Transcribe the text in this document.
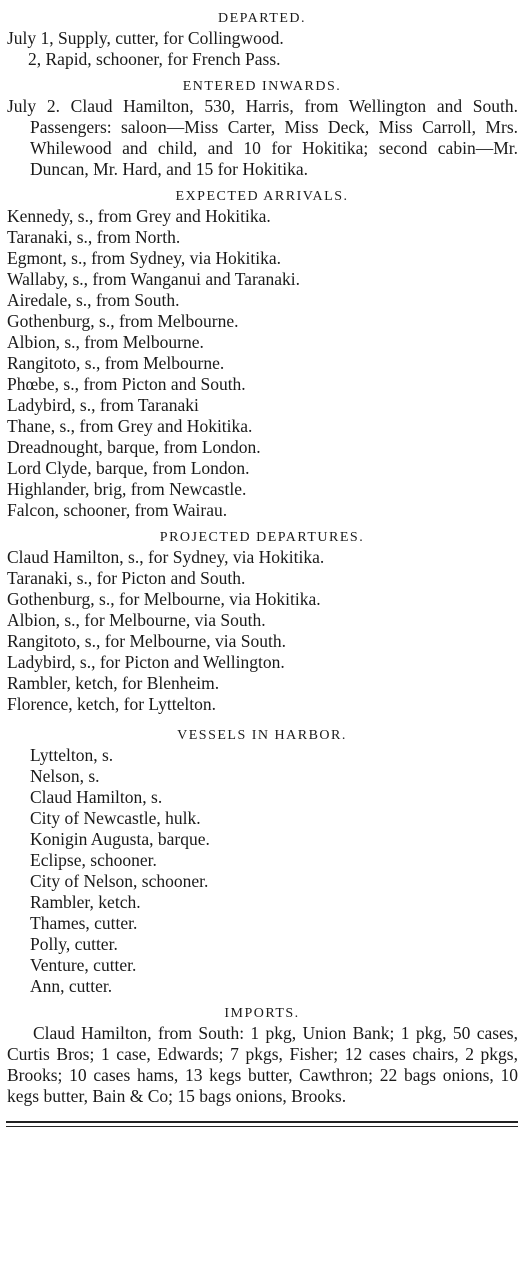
DEPARTED.
July 1, Supply, cutter, for Collingwood.
2, Rapid, schooner, for French Pass.
ENTERED INWARDS.
July 2. Claud Hamilton, 530, Harris, from Wellington and South. Passengers: saloon—Miss Carter, Miss Deck, Miss Carroll, Mrs. Whilewood and child, and 10 for Hokitika; second cabin—Mr. Duncan, Mr. Hard, and 15 for Hokitika.
EXPECTED ARRIVALS.
Kennedy, s., from Grey and Hokitika.
Taranaki, s., from North.
Egmont, s., from Sydney, via Hokitika.
Wallaby, s., from Wanganui and Taranaki.
Airedale, s., from South.
Gothenburg, s., from Melbourne.
Albion, s., from Melbourne.
Rangitoto, s., from Melbourne.
Phœbe, s., from Picton and South.
Ladybird, s., from Taranaki
Thane, s., from Grey and Hokitika.
Dreadnought, barque, from London.
Lord Clyde, barque, from London.
Highlander, brig, from Newcastle.
Falcon, schooner, from Wairau.
PROJECTED DEPARTURES.
Claud Hamilton, s., for Sydney, via Hokitika.
Taranaki, s., for Picton and South.
Gothenburg, s., for Melbourne, via Hokitika.
Albion, s., for Melbourne, via South.
Rangitoto, s., for Melbourne, via South.
Ladybird, s., for Picton and Wellington.
Rambler, ketch, for Blenheim.
Florence, ketch, for Lyttelton.
VESSELS IN HARBOR.
Lyttelton, s.
Nelson, s.
Claud Hamilton, s.
City of Newcastle, hulk.
Konigin Augusta, barque.
Eclipse, schooner.
City of Nelson, schooner.
Rambler, ketch.
Thames, cutter.
Polly, cutter.
Venture, cutter.
Ann, cutter.
IMPORTS.
Claud Hamilton, from South: 1 pkg, Union Bank; 1 pkg, 50 cases, Curtis Bros; 1 case, Edwards; 7 pkgs, Fisher; 12 cases chairs, 2 pkgs, Brooks; 10 cases hams, 13 kegs butter, Cawthron; 22 bags onions, 10 kegs butter, Bain & Co; 15 bags onions, Brooks.
